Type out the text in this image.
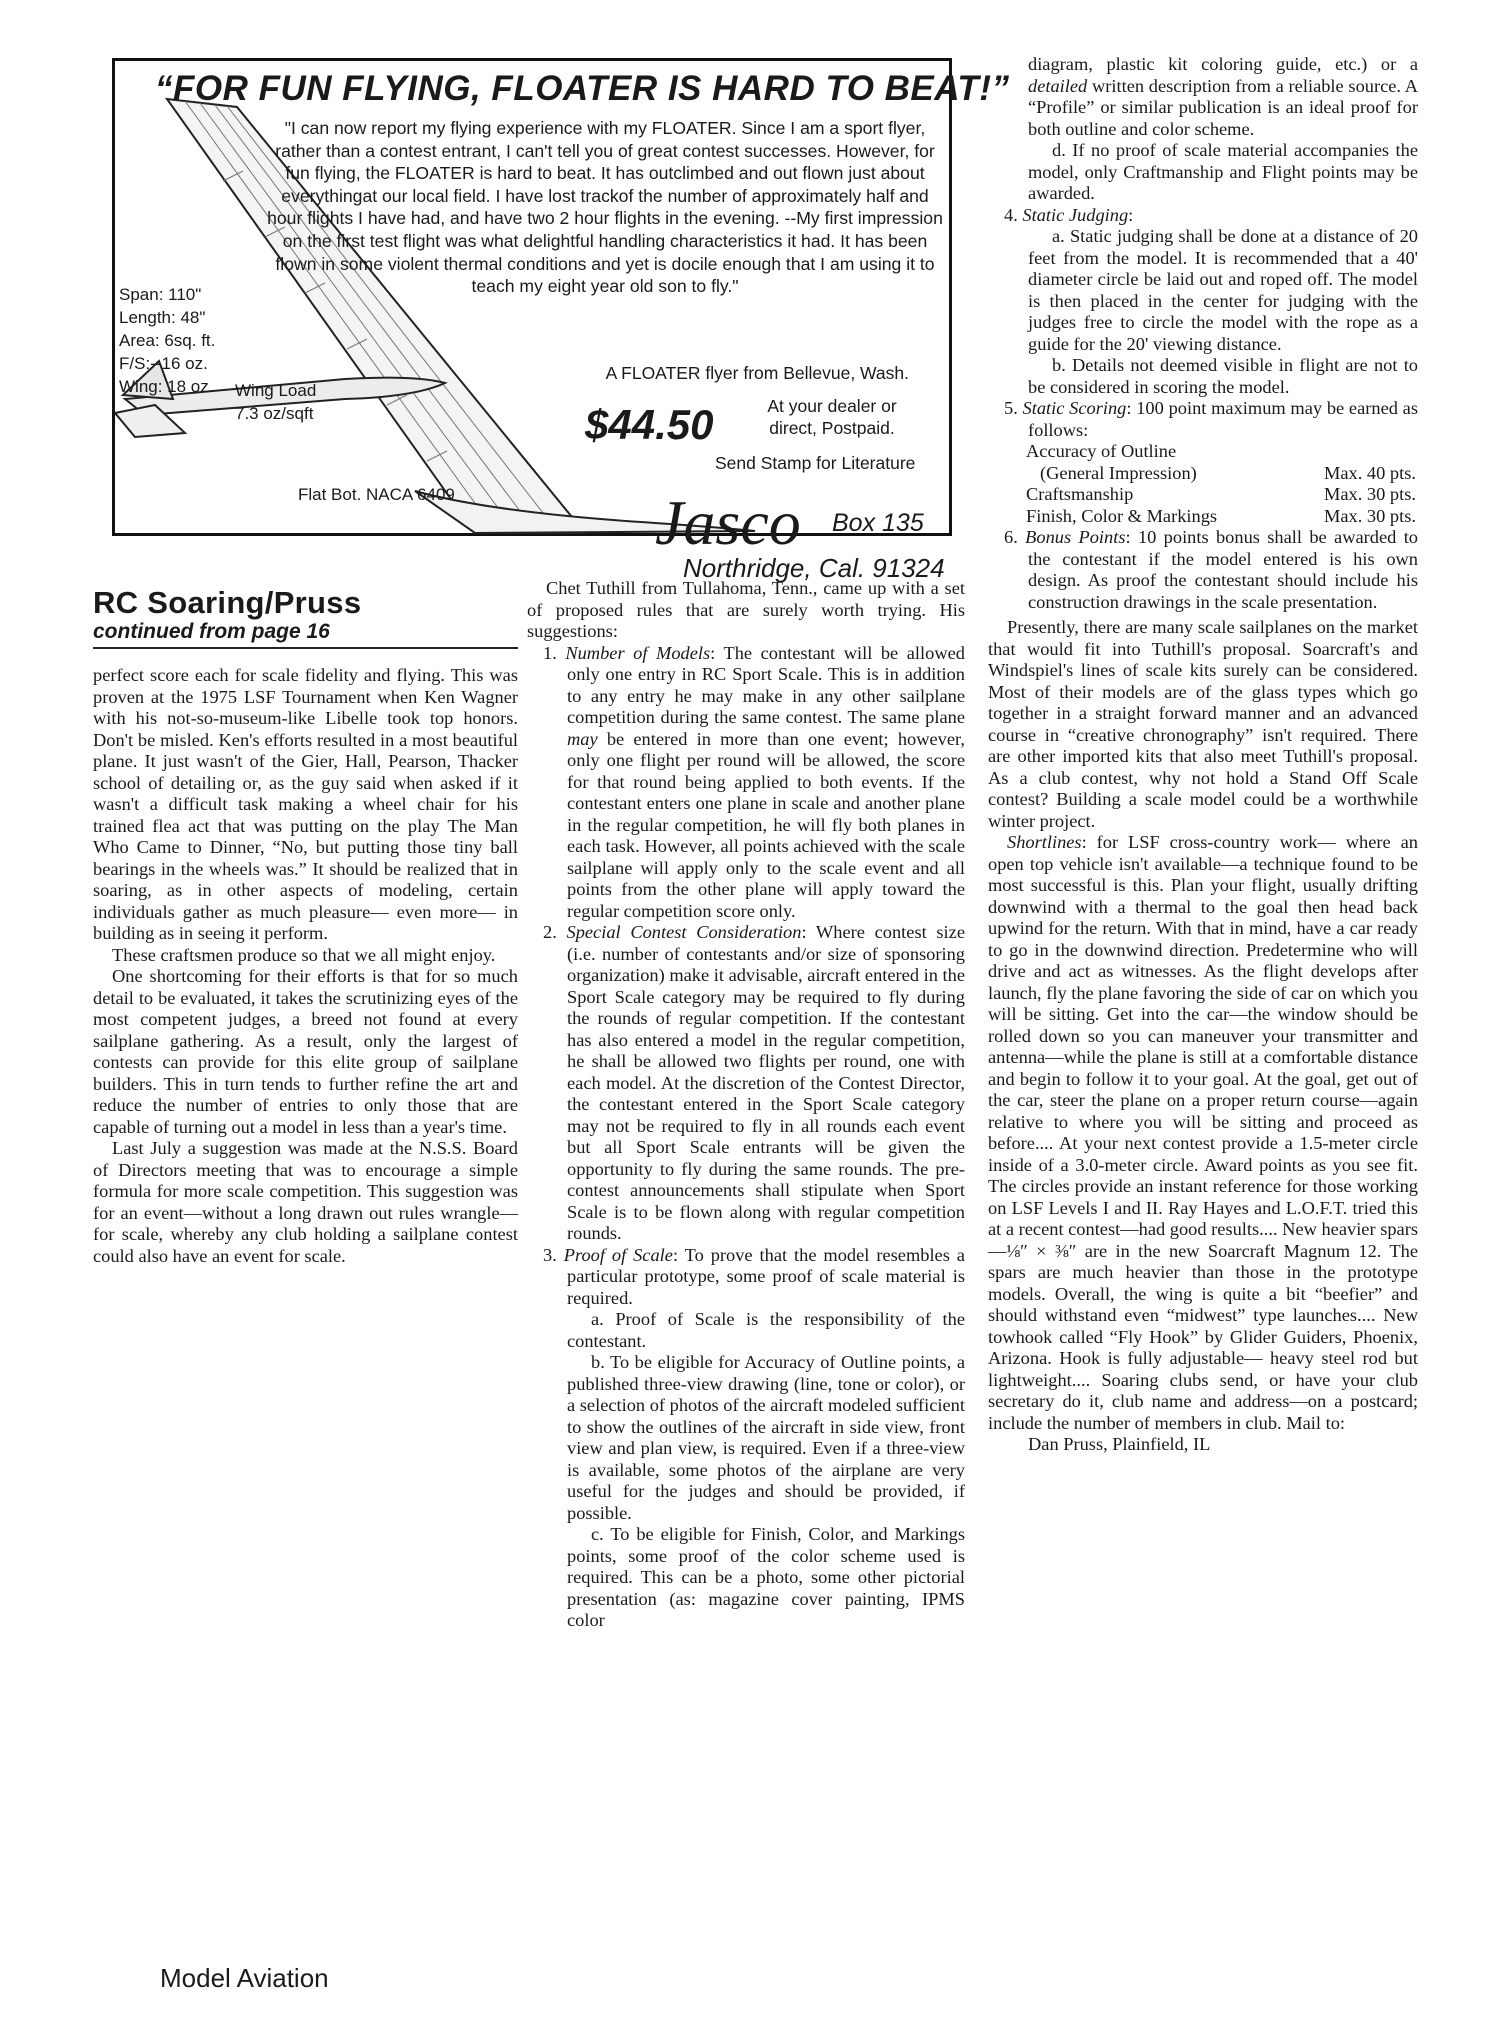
“FOR FUN FLYING, FLOATER IS HARD TO BEAT!”
"I can now report my flying experience with my FLOATER. Since I am a sport flyer, rather than a contest entrant, I can't tell you of great contest successes. However, for fun flying, the FLOATER is hard to beat. It has outclimbed and out flown just about everythingat our local field. I have lost trackof the number of approximately half and hour flights I have had, and have two 2 hour flights in the evening. --My first impression on the first test flight was what delightful handling characteristics it had. It has been flown in some violent thermal conditions and yet is docile enough that I am using it to teach my eight year old son to fly."
A FLOATER flyer from Bellevue, Wash.
Span: 110"
Length: 48"
Area: 6sq. ft.
F/S:--16 oz.
Wing: 18 oz. Wing Load
7.3 oz/sqft
Flat Bot. NACA 6409
$44.50	At your dealer or
direct, Postpaid.
Send Stamp for Literature
Jasco Box 135
Northridge, Cal. 91324
RC Soaring/Pruss
continued from page 16

perfect score each for scale fidelity and flying. This was proven at the 1975 LSF Tournament when Ken Wagner with his not-so-museum-like Libelle took top honors. Don't be misled. Ken's efforts resulted in a most beautiful plane. It just wasn't of the Gier, Hall, Pearson, Thacker school of detailing or, as the guy said when asked if it wasn't a difficult task making a wheel chair for his trained flea act that was putting on the play The Man Who Came to Dinner, “No, but putting those tiny ball bearings in the wheels was.” It should be realized that in soaring, as in other aspects of modeling, certain individuals gather as much pleasure— even more— in building as in seeing it perform.

These craftsmen produce so that we all might enjoy.

One shortcoming for their efforts is that for so much detail to be evaluated, it takes the scrutinizing eyes of the most competent judges, a breed not found at every sailplane gathering. As a result, only the largest of contests can provide for this elite group of sailplane builders. This in turn tends to further refine the art and reduce the number of entries to only those that are capable of turning out a model in less than a year's time.

Last July a suggestion was made at the N.S.S. Board of Directors meeting that was to encourage a simple formula for more scale competition. This suggestion was for an event—without a long drawn out rules wrangle—for scale, whereby any club holding a sailplane contest could also have an event for scale.

Chet Tuthill from Tullahoma, Tenn., came up with a set of proposed rules that are surely worth trying. His suggestions:

1. Number of Models: The contestant will be allowed only one entry in RC Sport Scale. This is in addition to any entry he may make in any other sailplane competition during the same contest. The same plane may be entered in more than one event; however, only one flight per round will be allowed, the score for that round being applied to both events. If the contestant enters one plane in scale and another plane in the regular competition, he will fly both planes in each task. However, all points achieved with the scale sailplane will apply only to the scale event and all points from the other plane will apply toward the regular competition score only.

2. Special Contest Consideration: Where contest size (i.e. number of contestants and/or size of sponsoring organization) make it advisable, aircraft entered in the Sport Scale category may be required to fly during the rounds of regular competition. If the contestant has also entered a model in the regular competition, he shall be allowed two flights per round, one with each model. At the discretion of the Contest Director, the contestant entered in the Sport Scale category may not be required to fly in all rounds each event but all Sport Scale entrants will be given the opportunity to fly during the same rounds. The pre-contest announcements shall stipulate when Sport Scale is to be flown along with regular competition rounds.

3. Proof of Scale: To prove that the model resembles a particular prototype, some proof of scale material is required.

a. Proof of Scale is the responsibility of the contestant.

b. To be eligible for Accuracy of Outline points, a published three-view drawing (line, tone or color), or a selection of photos of the aircraft modeled sufficient to show the outlines of the aircraft in side view, front view and plan view, is required. Even if a three-view is available, some photos of the airplane are very useful for the judges and should be provided, if possible.

c. To be eligible for Finish, Color, and Markings points, some proof of the color scheme used is required. This can be a photo, some other pictorial presentation (as: magazine cover painting, IPMS color

diagram, plastic kit coloring guide, etc.) or a detailed written description from a reliable source. A “Profile” or similar publication is an ideal proof for both outline and color scheme.

d. If no proof of scale material accompanies the model, only Craftmanship and Flight points may be awarded.

4. Static Judging:

a. Static judging shall be done at a distance of 20 feet from the model. It is recommended that a 40' diameter circle be laid out and roped off. The model is then placed in the center for judging with the judges free to circle the model with the rope as a guide for the 20' viewing distance.

b. Details not deemed visible in flight are not to be considered in scoring the model.

5. Static Scoring: 100 point maximum may be earned as follows:

Accuracy of Outline
(General Impression)	Max. 40 pts.
Craftsmanship	Max. 30 pts.
Finish, Color & Markings	Max. 30 pts.

6. Bonus Points: 10 points bonus shall be awarded to the contestant if the model entered is his own design. As proof the contestant should include his construction drawings in the scale presentation.

Presently, there are many scale sailplanes on the market that would fit into Tuthill's proposal. Soarcraft's and Windspiel's lines of scale kits surely can be considered. Most of their models are of the glass types which go together in a straight forward manner and an advanced course in “creative chronography” isn't required. There are other imported kits that also meet Tuthill's proposal. As a club contest, why not hold a Stand Off Scale contest? Building a scale model could be a worthwhile winter project.

Shortlines: for LSF cross-country work— where an open top vehicle isn't available—a technique found to be most successful is this. Plan your flight, usually drifting downwind with a thermal to the goal then head back upwind for the return. With that in mind, have a car ready to go in the downwind direction. Predetermine who will drive and act as witnesses. As the flight develops after launch, fly the plane favoring the side of car on which you will be sitting. Get into the car—the window should be rolled down so you can maneuver your transmitter and antenna—while the plane is still at a comfortable distance and begin to follow it to your goal. At the goal, get out of the car, steer the plane on a proper return course—again relative to where you will be sitting and proceed as before.... At your next contest provide a 1.5-meter circle inside of a 3.0-meter circle. Award points as you see fit. The circles provide an instant reference for those working on LSF Levels I and II. Ray Hayes and L.O.F.T. tried this at a recent contest—had good results.... New heavier spars—⅛″ × ⅜″ are in the new Soarcraft Magnum 12. The spars are much heavier than those in the prototype models. Overall, the wing is quite a bit “beefier” and should withstand even “midwest” type launches.... New towhook called “Fly Hook” by Glider Guiders, Phoenix, Arizona. Hook is fully adjustable— heavy steel rod but lightweight.... Soaring clubs send, or have your club secretary do it, club name and address—on a postcard; include the number of members in club. Mail to:

Dan Pruss, Plainfield, IL

Model Aviation
